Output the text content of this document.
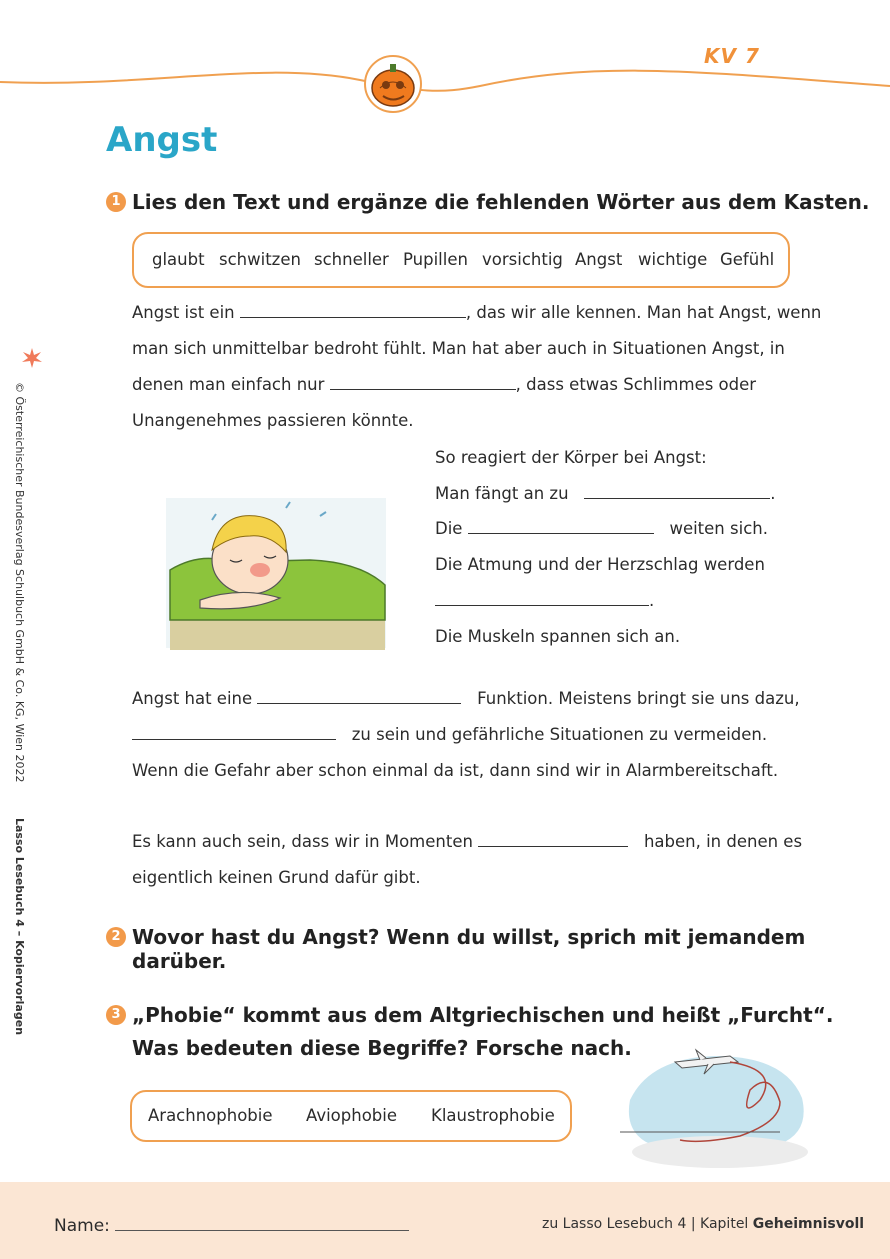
KV 7
Angst
© Österreichischer Bundesverlag Schulbuch GmbH & Co. KG, Wien 2022
Lasso Lesebuch 4 – Kopiervorlagen
1 Lies den Text und ergänze die fehlenden Wörter aus dem Kasten.
glaubt schwitzen schneller Pupillen vorsichtig Angst wichtige Gefühl
Angst ist ein	, das wir alle kennen. Man hat Angst, wenn
man sich unmittelbar bedroht fühlt. Man hat aber auch in Situationen Angst, in
denen man einfach nur	, dass etwas Schlimmes oder
Unangenehmes passieren könnte.
So reagiert der Körper bei Angst:
Man fängt an zu	.
Die	weiten sich.
Die Atmung und der Herzschlag werden
.
Die Muskeln spannen sich an.
Angst hat eine	Funktion. Meistens bringt sie uns dazu,
zu sein und gefährliche Situationen zu vermeiden.
Wenn die Gefahr aber schon einmal da ist, dann sind wir in Alarmbereitschaft.
Es kann auch sein, dass wir in Momenten	haben, in denen es
eigentlich keinen Grund dafür gibt.
2 Wovor hast du Angst? Wenn du willst, sprich mit jemandem darüber.
3 „Phobie“ kommt aus dem Altgriechischen und heißt „Furcht“.
Was bedeuten diese Begriffe? Forsche nach.
Arachnophobie Aviophobie Klaustrophobie
Name:	zu Lasso Lesebuch 4 | Kapitel Geheimnisvoll
